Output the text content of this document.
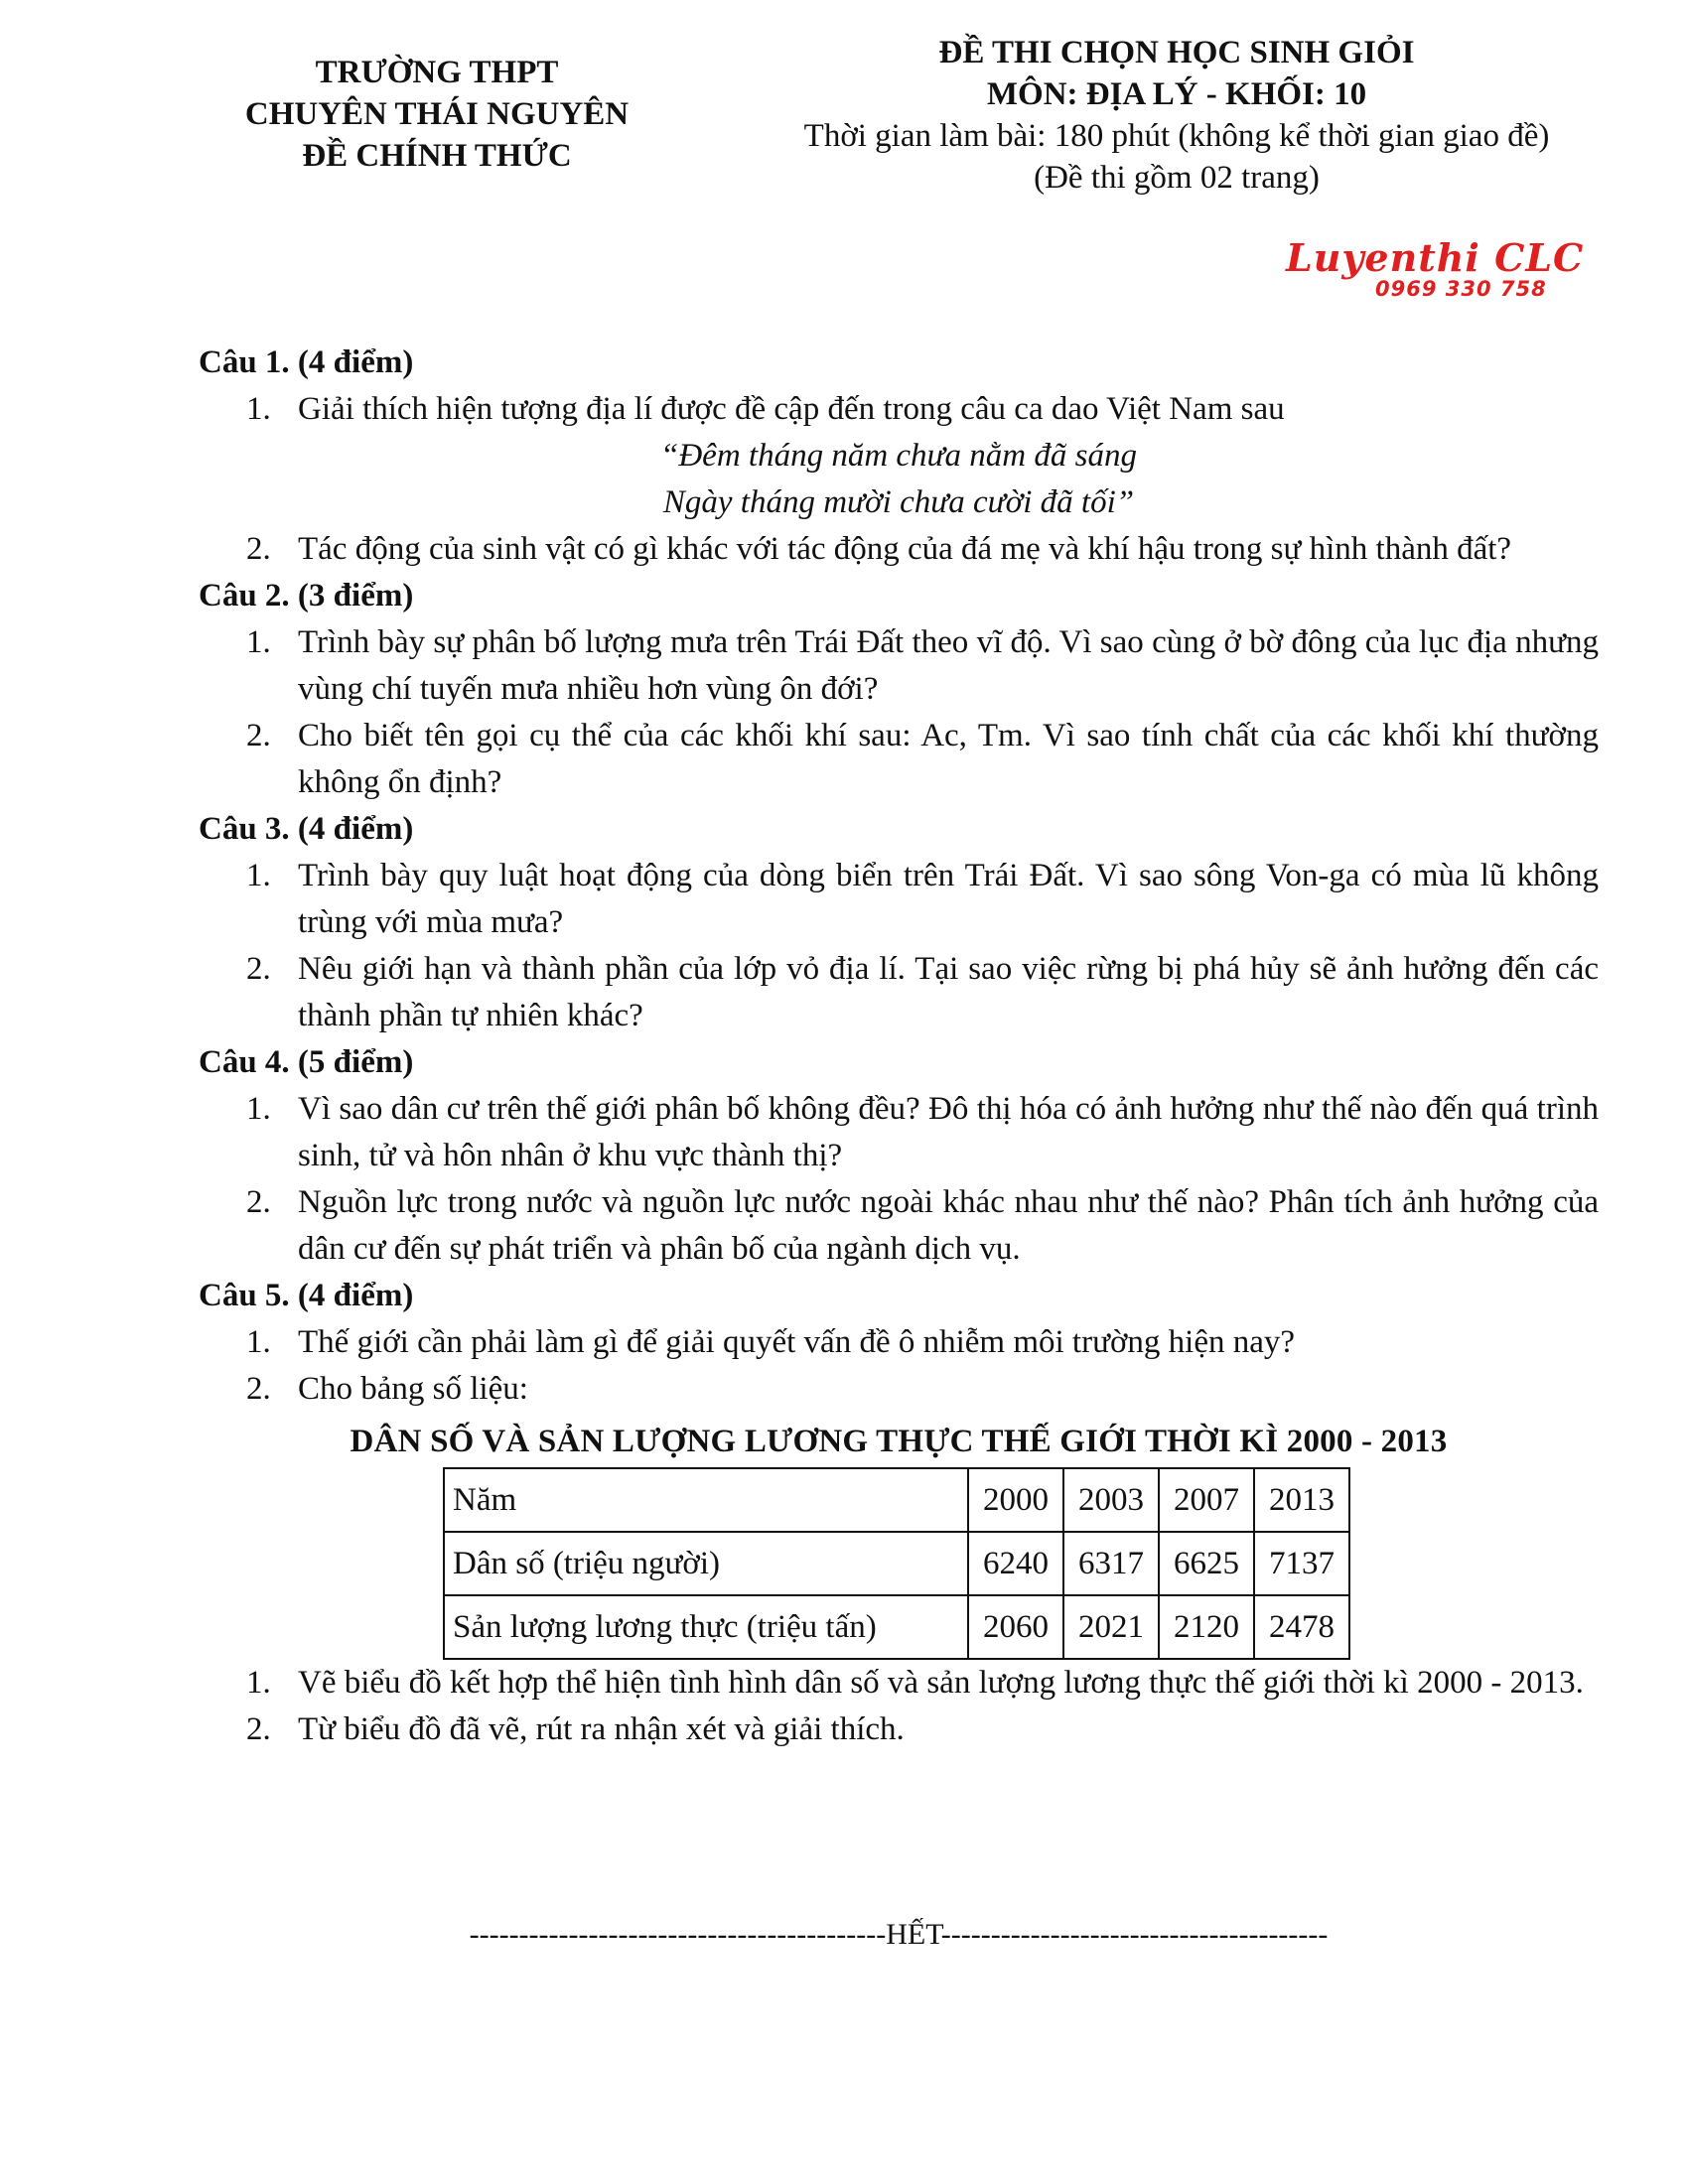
TRƯỜNG THPT
CHUYÊN THÁI NGUYÊN
ĐỀ CHÍNH THỨC
ĐỀ THI CHỌN HỌC SINH GIỎI
MÔN: ĐỊA LÝ - KHỐI: 10
Thời gian làm bài: 180 phút (không kể thời gian giao đề)
(Đề thi gồm 02 trang)
Luyenthi CLC
0969 330 758
Câu 1. (4 điểm)
1. Giải thích hiện tượng địa lí được đề cập đến trong câu ca dao Việt Nam sau
“Đêm tháng năm chưa nằm đã sáng
Ngày tháng mười chưa cười đã tối”
2. Tác động của sinh vật có gì khác với tác động của đá mẹ và khí hậu trong sự hình thành đất?
Câu 2. (3 điểm)
1. Trình bày sự phân bố lượng mưa trên Trái Đất theo vĩ độ. Vì sao cùng ở bờ đông của lục địa nhưng vùng chí tuyến mưa nhiều hơn vùng ôn đới?
2. Cho biết tên gọi cụ thể của các khối khí sau: Ac, Tm. Vì sao tính chất của các khối khí thường không ổn định?
Câu 3. (4 điểm)
1. Trình bày quy luật hoạt động của dòng biển trên Trái Đất. Vì sao sông Von-ga có mùa lũ không trùng với mùa mưa?
2. Nêu giới hạn và thành phần của lớp vỏ địa lí. Tại sao việc rừng bị phá hủy sẽ ảnh hưởng đến các thành phần tự nhiên khác?
Câu 4. (5 điểm)
1. Vì sao dân cư trên thế giới phân bố không đều? Đô thị hóa có ảnh hưởng như thế nào đến quá trình sinh, tử và hôn nhân ở khu vực thành thị?
2. Nguồn lực trong nước và nguồn lực nước ngoài khác nhau như thế nào? Phân tích ảnh hưởng của dân cư đến sự phát triển và phân bố của ngành dịch vụ.
Câu 5. (4 điểm)
1. Thế giới cần phải làm gì để giải quyết vấn đề ô nhiễm môi trường hiện nay?
2. Cho bảng số liệu:
DÂN SỐ VÀ SẢN LƯỢNG LƯƠNG THỰC THẾ GIỚI THỜI KÌ 2000 - 2013
Năm	2000	2003	2007	2013
Dân số (triệu người)	6240	6317	6625	7137
Sản lượng lương thực (triệu tấn)	2060	2021	2120	2478
1. Vẽ biểu đồ kết hợp thể hiện tình hình dân số và sản lượng lương thực thế giới thời kì 2000 - 2013.
2. Từ biểu đồ đã vẽ, rút ra nhận xét và giải thích.
------------------------------------------HẾT---------------------------------------
